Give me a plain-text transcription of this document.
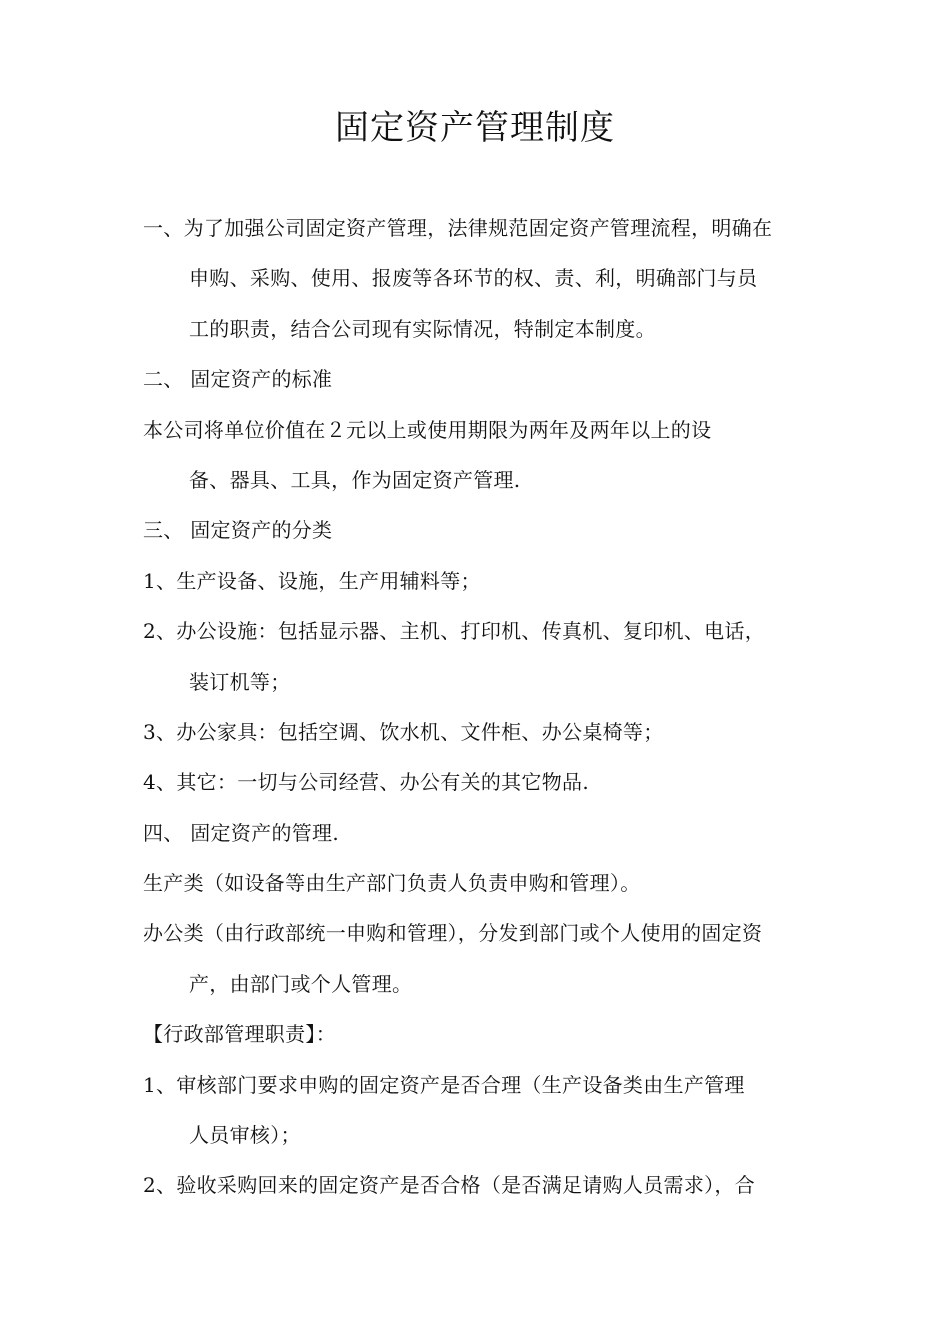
固定资产管理制度
一、为了加强公司固定资产管理，法律规范固定资产管理流程，明确在
申购、采购、使用、报废等各环节的权、责、利，明确部门与员
工的职责，结合公司现有实际情况，特制定本制度。
二、 固定资产的标准
本公司将单位价值在２元以上或使用期限为两年及两年以上的设
备、器具、工具，作为固定资产管理.
三、 固定资产的分类
1、生产设备、设施，生产用辅料等；
2、办公设施：包括显示器、主机、打印机、传真机、复印机、电话，
装订机等；
3、办公家具：包括空调、饮水机、文件柜、办公桌椅等；
4、其它：一切与公司经营、办公有关的其它物品.
四、 固定资产的管理.
生产类（如设备等由生产部门负责人负责申购和管理）。
办公类（由行政部统一申购和管理），分发到部门或个人使用的固定资
产，由部门或个人管理。
【行政部管理职责】：
1、审核部门要求申购的固定资产是否合理（生产设备类由生产管理
人员审核）；
2、验收采购回来的固定资产是否合格（是否满足请购人员需求），合
